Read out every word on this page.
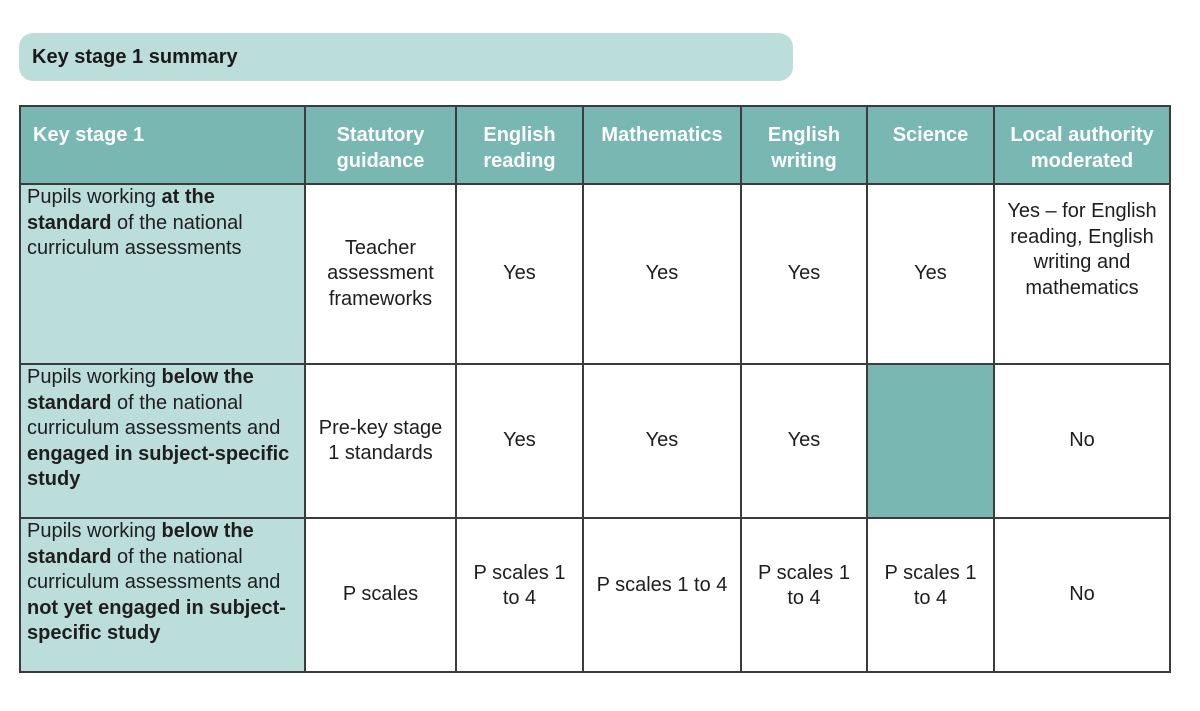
Key stage 1 summary
Key stage 1	Statutory guidance	English reading	Mathematics	English writing	Science	Local authority moderated
Pupils working at the standard of the national curriculum assessments	Teacher assessment frameworks	Yes	Yes	Yes	Yes	Yes – for English reading, English writing and mathematics
Pupils working below the standard of the national curriculum assessments and engaged in subject-specific study	Pre-key stage 1 standards	Yes	Yes	Yes		No
Pupils working below the standard of the national curriculum assessments and not yet engaged in subject-specific study	P scales	P scales 1 to 4	P scales 1 to 4	P scales 1 to 4	P scales 1 to 4	No
